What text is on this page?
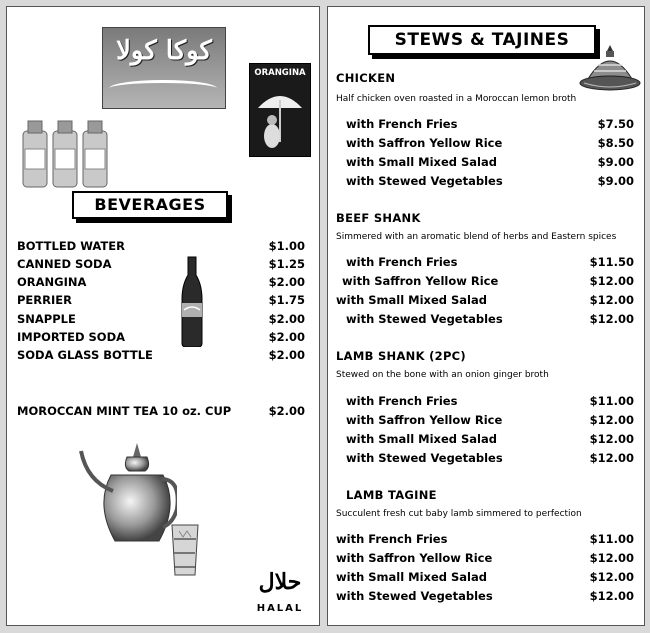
كوكا كولا
ORANGINA
BEVERAGES
BOTTLED WATER	$1.00
CANNED SODA	$1.25
ORANGINA	$2.00
PERRIER	$1.75
SNAPPLE	$2.00
IMPORTED SODA	$2.00
SODA GLASS BOTTLE	$2.00
MOROCCAN MINT TEA 10 oz. CUP	$2.00
حلال
HALAL
STEWS & TAJINES
CHICKEN
Half chicken oven roasted in a Moroccan lemon broth
with French Fries	$7.50
with Saffron Yellow Rice	$8.50
with Small Mixed Salad	$9.00
with Stewed Vegetables	$9.00
BEEF SHANK
Simmered with an aromatic blend of herbs and Eastern spices
with French Fries	$11.50
with Saffron Yellow Rice	$12.00
with Small Mixed Salad	$12.00
with Stewed Vegetables	$12.00
LAMB SHANK (2PC)
Stewed on the bone with an onion ginger broth
with French Fries	$11.00
with Saffron Yellow Rice	$12.00
with Small Mixed Salad	$12.00
with Stewed Vegetables	$12.00
LAMB TAGINE
Succulent fresh cut baby lamb simmered to perfection
with French Fries	$11.00
with Saffron Yellow Rice	$12.00
with Small Mixed Salad	$12.00
with Stewed Vegetables	$12.00
